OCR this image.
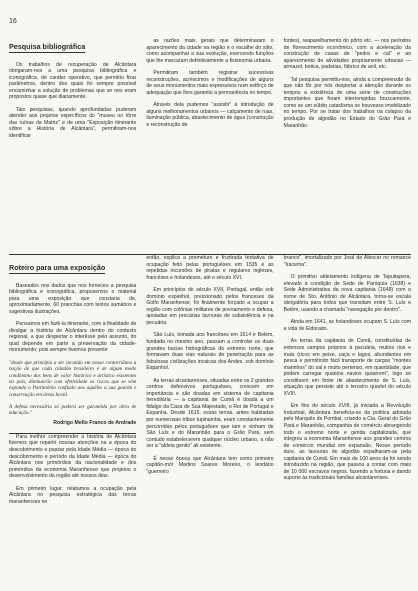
16
Pesquisa bibliográfica

Os trabalhos de recuperação de Alcântara obrigaram-nos a uma pesquisa bibliográfica e iconográfica, de caráter operativo, que permitiu fixar parâmetros, dentro dos quais foi sempre possível encaminhar a solução de problemas que se nos eram propostos quase que diariamente.

Tais pesquisas, quando aprofundadas puderam atender aos projetos específicos do "museu no tôrre das ruínas da Matriz" e de uma "Exposição itinerante sôbre a História de Alcântara", permitiram-nos identificar

as razões mais gerais que determinaram o aparecimento da cidade na região e o escalhe do sítio, como acompanhar a sua evolução, exercendo funções que lhe marcaram definitivamente a fisionomia urbana.

Permitiram também registrar sucessivas reconstruções, acréscimos e modificações de alguns de seus monumentos mais expressivos num esfôrço de adequação que lhes garantiu a permanência no tempo.

Através dela pudemos "assistir" à introdução de alguns melhoramentos urbanos — calçamento de ruas, iluminação pública, abastecimento de água (construção e reconstrução de

fontes), reaparelhamento do pôrto etc. — nos períodos de florescimento econômico, com a aceleração da construção de casas de "pedra e cal" e ao aparecimento de atividades propriamente urbanas — armazel, botica, padarias, fábrico de anil, etc.

Tal pesquisa permitiu-nos, ainda a compreensão de que não fôr por nós despertar a atenção durante os tempos a existência de uma série de construções importantes que foram interrompidas bruscamente, como se um súbito cataclisma se houvesse imobilizado no tempo. Por se tratar dos trabalhos na colapso da produção de algodão no Estado do Grão Pará e Maranhão.

Roteiro para uma exposição

Baseados nos dados que nos forneceu a pesquisa bibliográfica e iconográfica, propusemos o material para uma exposição que constaria de, aproximadamente, 60 pranchas com textos sumários e sugestivas ilustrações.

Pensamos em fazê-la itinerante, com a finalidade de divulgar a história de Alcântara dentro do contexto regional, a que despertar o interêsse pelo assunto, do qual depende em parte a preservação da cidade-monumento; pois sempre tivemos presente

"desde que principia a ser incutido em nosso contorriânea a noção de que cada cidadão brasileiro é de algum modo condômino dos bens de valor histórico e artístico existentes no país, diminuirão com efetividade os riscos que se vêm expondo o Patrimônio confiado aos aquêles a sua guarda e conservação em áreas hostil.
A defesa necessária só poderá ser garantida por obra de educação."
Rodrigo Mello Franco de Andrade

Para melhor compreender a história de Alcântara fizemos que repartir nossas atenções na a época do descobrimento e passar pela Idade Média — época do descobrimento e período da Idade Média — época do Alcântara nos primórdios da nacionalidade e dos primórdios da economia Maranhense que projetou o desenvolvimento da região até nossos dias.

Em primeiro lugar, relatamos a ocupação pela Alcântara no pesquisa estratégica das terras maranhenses no

então, explica a premeturo e frustrada tentativa de ocupação feito pelas portuguêses em 1535 e as repetidas incursões de piratas e regulares ingleses, francêses e holandeses, até o século XVI.

Em princípios do século XVII, Portugal, então sob domínio espanhol, pressionado pelos franceses da Golfo Maranhense, foi finalmente forçado a ocupar a região com colônias militares de povoamento e defesa, apoiadas em precárias lavouras de subsistência e na pecuária.

São Luís, tomada aos francêses em 1614 e Belém, fundada no mesmo ano, passam a controlar os duas grandes bacias hidrográficas do extremo norte, que formavam duas vias naturais de penetração para as fabulosas civilizações incaicas dos Andes, sob domínio Espanhol.

As terras alcantarenses, situadas entre os 2 grandes centros defensivos portuguêses, crescem em importância e são doadas em sistema de capitania hereditária — a capitania de Cumã é doada a um fidalgo da Casa de Sua Majestade, o Rei de Portugal e Espanha. Desde 1615, essas terras, antes habitadas por numerosas tribos tupinambá, eram constantemente percorridas pelos portuguêses que iam e vinham de São Luís e do Maranhão para o Grão Pará, sem contudo estabelecerem qualquer núcleo urbano, a não ser a "aldeia gentio" ali existente.

É nesse êpoca que Alcântara tem como primeiro capitão-mór Martins Soares Moreno, o lendário "guerreiro

branco", imortalizado por José de Alencar no romance "Iracema".

O primitivo aldeiamento indígena de Tapuitapera, elevado à condição de Sede de Paróquia (1638) e Sede Administrativa da nova capitania (1648) com o nome de Sto. Antônio de Alcântara, torna-se escala obrigatória para todos que transitam entre S. Luís e Belém, usando a chamada "navegação por dentro".

Ainda em 1641, as holandeses ocupam S. Luís com a vida de Eldorado.

As terras da capitania de Cumã, constituídas de extensos campos próprios à pecuária, muitos rios e mais (ricos em peixe, caça e lagos, abundantes em pesca e permitindo fácil transporte de cargas "montes marinhos" do sal e muito pertenso, em quantidade, que podem carregar quantos navios quiserem", logo se constituem em fonte de abastecimento de S. Luís, situação que persiste até o terceiro quartel do século XVIII.

Em fins do século XVIII, já iniciada a Revolução Industrial, Alcântara beneficia-se da política adotada pelo Marquês de Pombal, criando a Cia. Geral do Grão Pará e Maranhão, companhia de comércio abrangendo todo o extremo norte e gerida capitalizada, que integrou a economia Maranhense aos grandes centros de comércio mundial em expansão. Nesse período dure, as lavouras de algodão espalharam-se pela capitania de Cumã. Em mais de 100 anos da foi sendo introduzido na região, que passou a contar com mais de 10 000 escravos negros, fazendo a fortuna e dando suporte às tradicionais famílias alcantarenses.
